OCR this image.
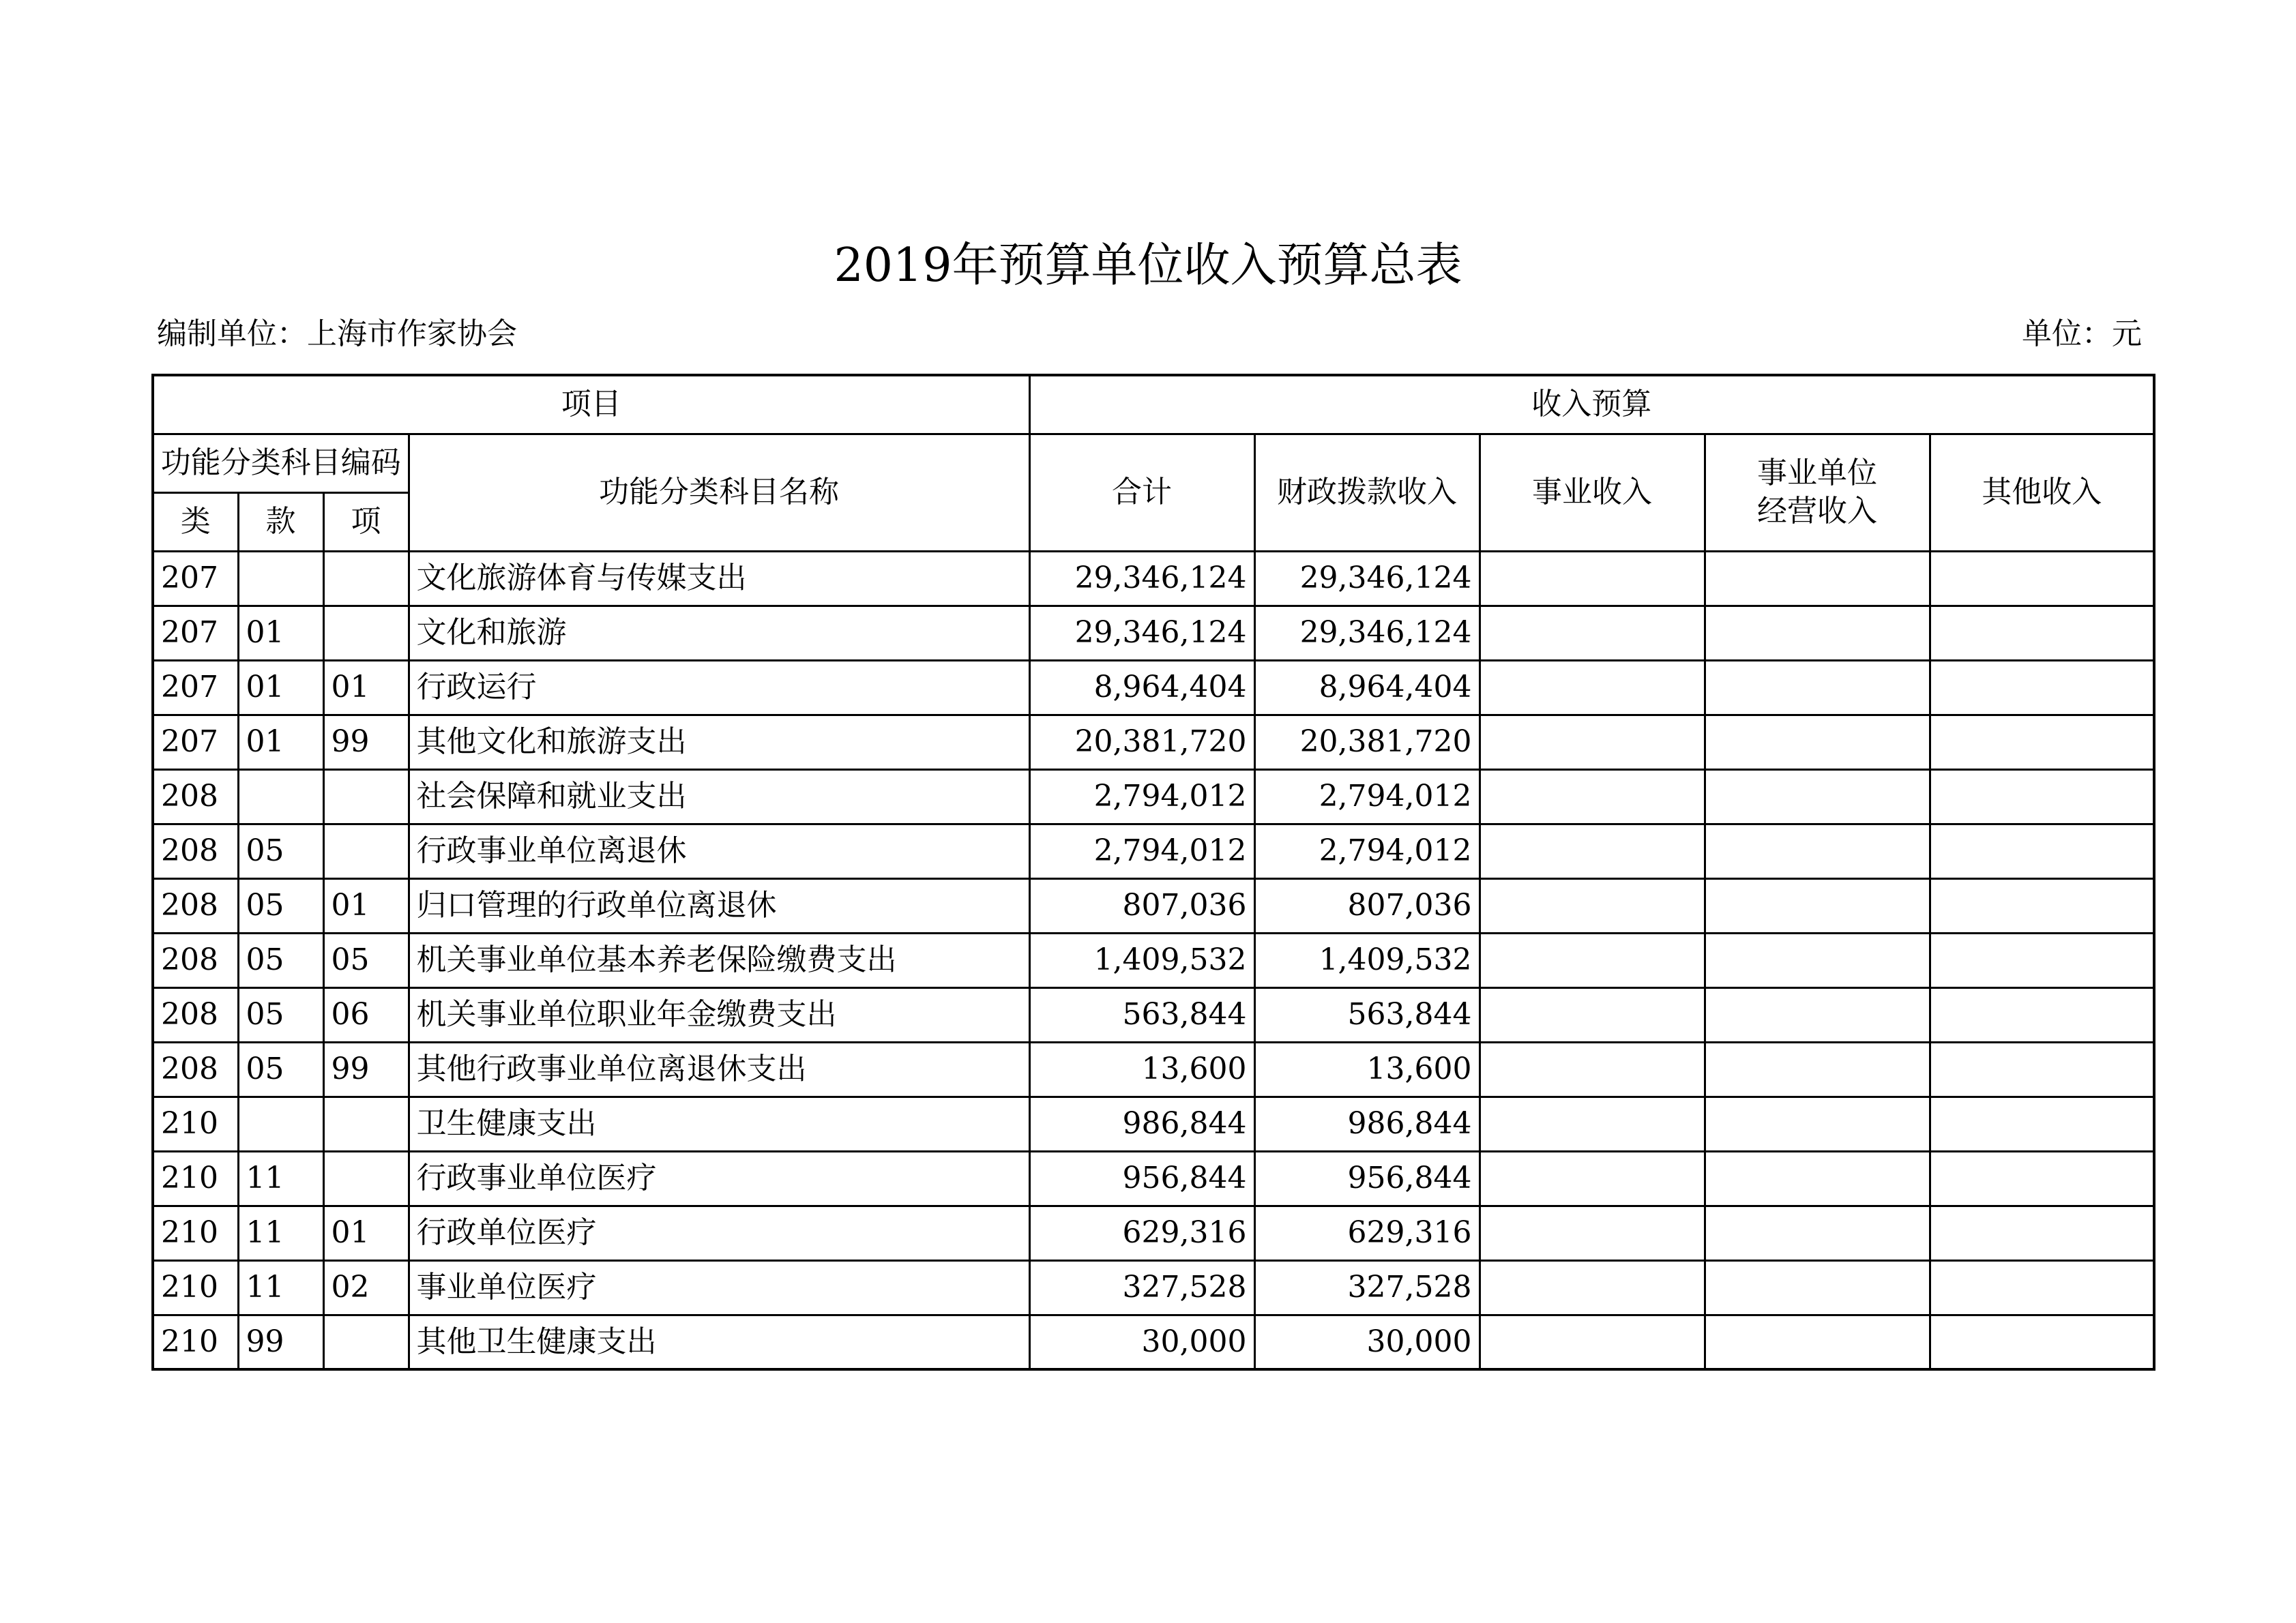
2019年预算单位收入预算总表
编制单位：上海市作家协会	单位：元
项目				收入预算				
功能分类科目编码			功能分类科目名称	合计	财政拨款收入	事业收入	事业单位经营收入	其他收入
类	款	项						
207			文化旅游体育与传媒支出	29,346,124	29,346,124			
207	01		文化和旅游	29,346,124	29,346,124			
207	01	01	行政运行	8,964,404	8,964,404			
207	01	99	其他文化和旅游支出	20,381,720	20,381,720			
208			社会保障和就业支出	2,794,012	2,794,012			
208	05		行政事业单位离退休	2,794,012	2,794,012			
208	05	01	归口管理的行政单位离退休	807,036	807,036			
208	05	05	机关事业单位基本养老保险缴费支出	1,409,532	1,409,532			
208	05	06	机关事业单位职业年金缴费支出	563,844	563,844			
208	05	99	其他行政事业单位离退休支出	13,600	13,600			
210			卫生健康支出	986,844	986,844			
210	11		行政事业单位医疗	956,844	956,844			
210	11	01	行政单位医疗	629,316	629,316			
210	11	02	事业单位医疗	327,528	327,528			
210	99		其他卫生健康支出	30,000	30,000			
